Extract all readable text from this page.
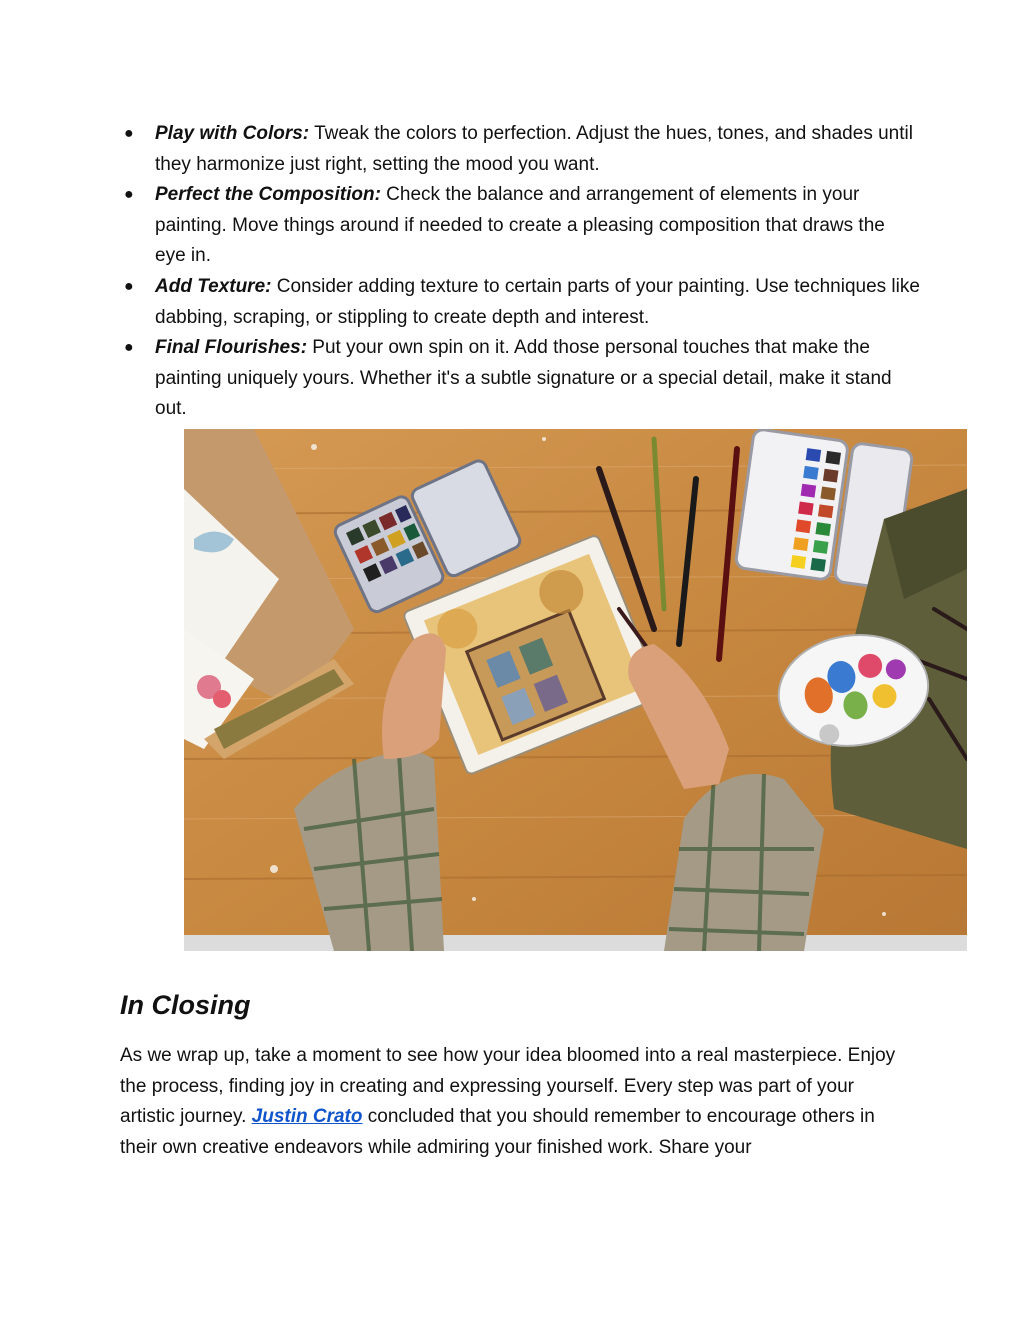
● Play with Colors: Tweak the colors to perfection. Adjust the hues, tones, and shades until they harmonize just right, setting the mood you want.
● Perfect the Composition: Check the balance and arrangement of elements in your painting. Move things around if needed to create a pleasing composition that draws the eye in.
● Add Texture: Consider adding texture to certain parts of your painting. Use techniques like dabbing, scraping, or stippling to create depth and interest.
● Final Flourishes: Put your own spin on it. Add those personal touches that make the painting uniquely yours. Whether it's a subtle signature or a special detail, make it stand out.
In Closing

As we wrap up, take a moment to see how your idea bloomed into a real masterpiece. Enjoy the process, finding joy in creating and expressing yourself. Every step was part of your artistic journey. Justin Crato concluded that you should remember to encourage others in their own creative endeavors while admiring your finished work. Share your
